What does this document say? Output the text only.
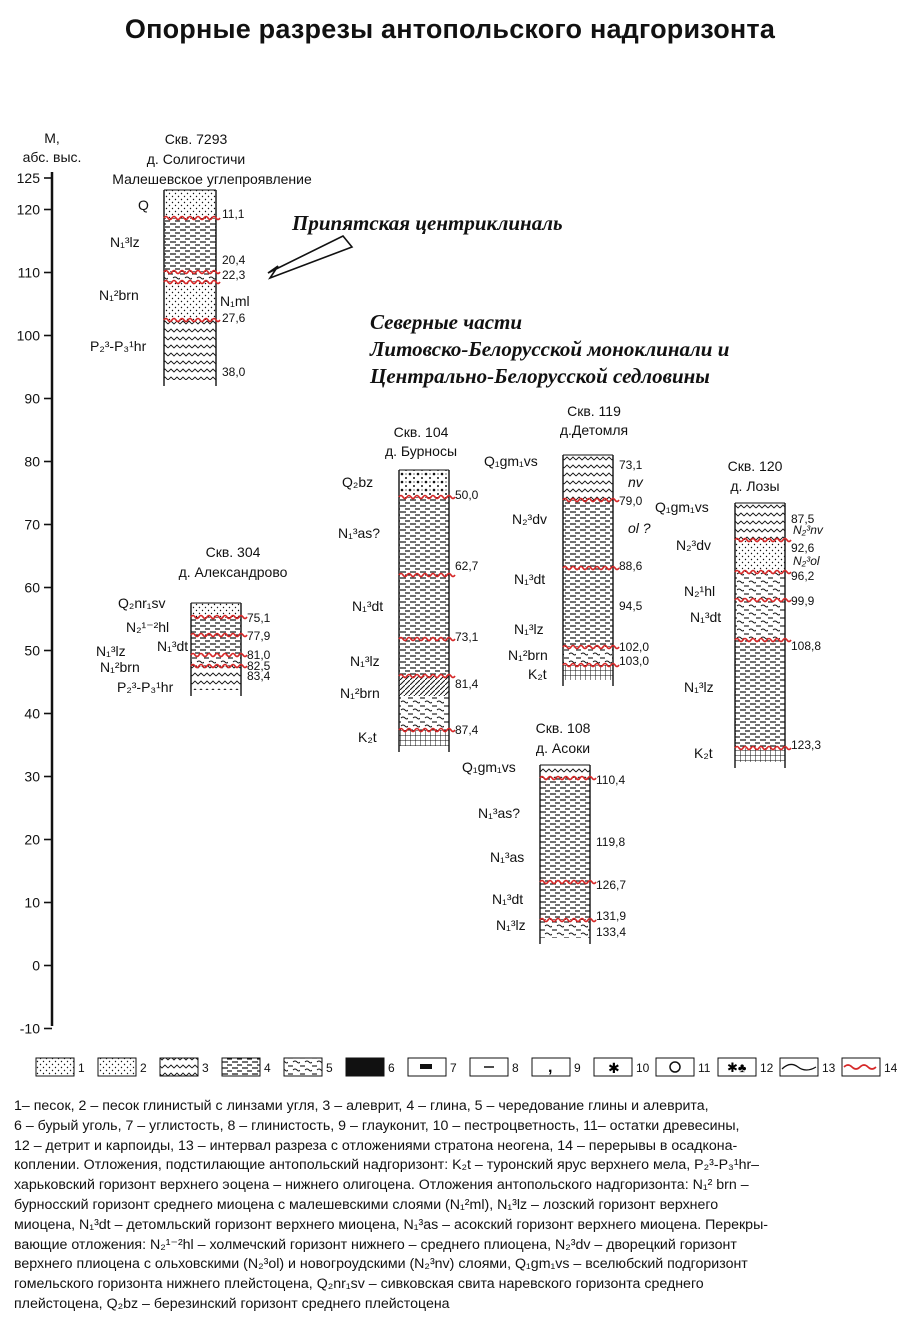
Опорные разрезы антопольского надгоризонта
М,
абс. выс.
125
120
110
100
90
80
70
60
50
40
30
20
10
0
-10
Припятская центриклиналь
Северные части
Литовско-Белорусской моноклинали и
Центрально-Белорусской седловины
Скв. 7293
д. Солигостичи
Малешевское углепроявление
Скв. 304
д. Александрово
Скв. 104
д. Бурносы
Скв. 119
д.Детомля
Скв. 120
д. Лозы
Скв. 108
д. Асоки
11,1
20,4
22,3
27,6
38,0
75,1
77,9
81,0
82,5
83,4
50,0
62,7
73,1
81,4
87,4
73,1
79,0
88,6
94,5
102,0
103,0
87,5
92,6
96,2
99,9
108,8
123,3
110,4
119,8
126,7
131,9
133,4
Q
N₁³lz
N₁²brn	N₁ml
P₂³-P₃¹hr
Q₂nr₁sv
N₂¹⁻²hl
N₁³lz N₁³dt
N₁²brn
P₂³-P₃¹hr
Q₂bz
N₁³as?
N₁³dt
N₁³lz
N₁²brn
K₂t
Q₁gm₁vs
N₂³dv
N₁³dt
N₁³lz
N₁²brn
K₂t
nv
ol ?
Q₁gm₁vs
N₂³dv
N₂¹hl
N₁³dt
N₁³lz
K₂t
N₂³nv
N₂³ol
Q₁gm₁vs
N₁³as?
N₁³as
N₁³dt
N₁³lz
1	2	3	4	5	6	7	8 , 9 ✱ 10	11 ✱♣ 12	13	14

1– песок, 2 – песок глинистый с линзами угля, 3 – алеврит, 4 – глина, 5 – чередование глины и алеврита,

6 – бурый уголь, 7 – углистость, 8 – глинистость, 9 – глауконит, 10 – пестроцветность, 11– остатки древесины,

12 – детрит и карпоиды, 13 – интервал разреза с отложениями стратона неогена, 14 – перерывы в осадкона-

коплении. Отложения, подстилающие антопольский надгоризонт: K₂t – туронский ярус верхнего мела, P₂³-P₃¹hr–

харьковский горизонт верхнего эоцена – нижнего олигоцена. Отложения антопольского надгоризонта: N₁² brn –

бурносский горизонт среднего миоцена с малешевскими слоями (N₁²ml), N₁³lz – лозский горизонт верхнего

миоцена, N₁³dt – детомльский горизонт верхнего миоцена, N₁³as – асокский горизонт верхнего миоцена. Перекры-

вающие отложения: N₂¹⁻²hl – холмечский горизонт нижнего – среднего плиоцена, N₂³dv – дворецкий горизонт

верхнего плиоцена с ольховскими (N₂³ol) и новогроудскими (N₂³nv) слоями, Q₁gm₁vs – вселюбский подгоризонт

гомельского горизонта нижнего плейстоцена, Q₂nr₁sv – сивковская свита наревского горизонта среднего

плейстоцена, Q₂bz – березинский горизонт среднего плейстоцена
